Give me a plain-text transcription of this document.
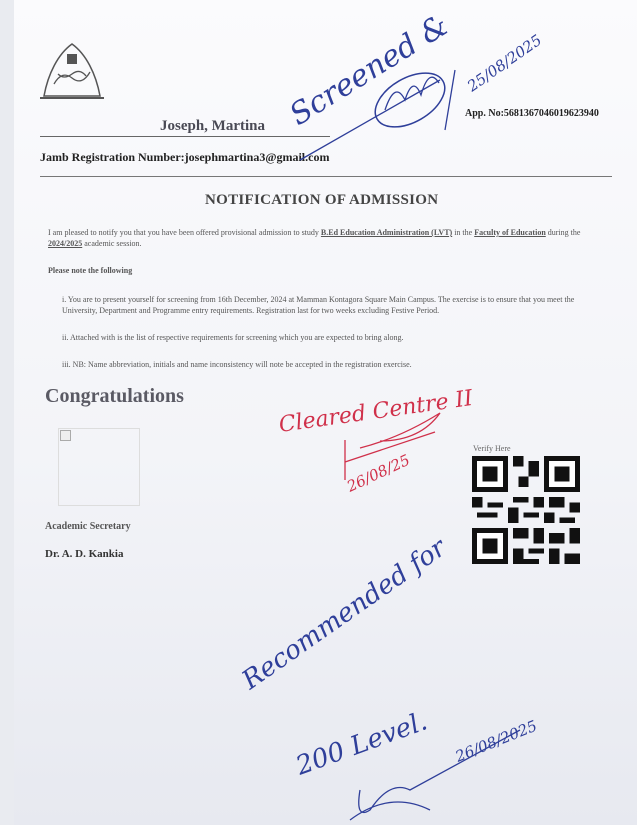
Joseph, Martina
App. No:5681367046019623940
Jamb Registration Number:josephmartina3@gmail.com
NOTIFICATION OF ADMISSION
I am pleased to notify you that you have been offered provisional admission to study B.Ed Education Administration (LVT) in the Faculty of Education during the 2024/2025 academic session.
Please note the following
i. You are to present yourself for screening from 16th December, 2024 at Mamman Kontagora Square Main Campus. The exercise is to ensure that you meet the University, Department and Programme entry requirements. Registration last for two weeks excluding Festive Period.
ii. Attached with is the list of respective requirements for screening which you are expected to bring along.
iii. NB: Name abbreviation, initials and name inconsistency will note be accepted in the registration exercise.
Congratulations
Academic Secretary
Dr. A. D. Kankia
Verify Here
Screened & 25/08/2025
Recommended for
200 Level. 26/08/2025
Cleared Centre II
26/08/25
